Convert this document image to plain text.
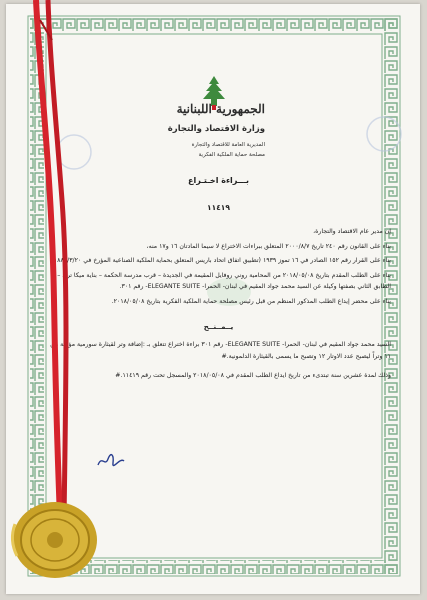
الجمهورية اللبنانية
وزارة الاقتصاد والتجارة
المديرية العامة للاقتصاد والتجارة
مصلحة حماية الملكية الفكرية
بـــراءة اخـتـراع
١١٤١٩

إن مدير عام الاقتصاد والتجارة،

بناء على القانون رقم ٢٤٠ تاريخ ٢٠٠٠/٨/٧ المتعلق ببراءات الاختراع لا سيما المادتان ١٦ و١٧ منه،

بناء على القرار رقم ١٥٢ الصادر في ١٦ تموز ١٩٣٩ (تطبيق اتفاق اتحاد باريس المتعلق بحماية الملكية الصناعية المؤرخ في ١٨٨٣/٣/٢٠)،

بناء على الطلب المقدم بتاريخ ٢٠١٨/٠٥/٠٨ من المحامية روني روفايل المقيمة في الجديدة – قرب مدرسة الحكمة – بناية ميكا تراد – الطابق الثاني بصفتها وكيلة عن السيد محمد جواد المقيم في لبنان- الحمرا- ELEGANTE SUITE- رقم ٣٠١.

بناء على محضر إيداع الطلب المذكور المنظم من قبل رئيس مصلحة حماية الملكية الفكرية بتاريخ ٢٠١٨/٠٥/٠٨.

يــمــنــح

السيد محمد جواد المقيم في لبنان- الحمرا- ELEGANTE SUITE- رقم ٣٠١ براءة اختراع تتعلق بـ :إضافة وتر لقيثارة سورمية مؤلفة من ١١ وتراً ليصبح عدد الاوتار ١٢ وتصبح ما يسمى بالقيثارة الدلمونية.#

وذلك لمدة عشرين سنة تبتدىء من تاريخ ايداع الطلب المقدم في ٢٠١٨/٠٥/٠٨ والمسجل تحت رقم ١١٤١٩.#
